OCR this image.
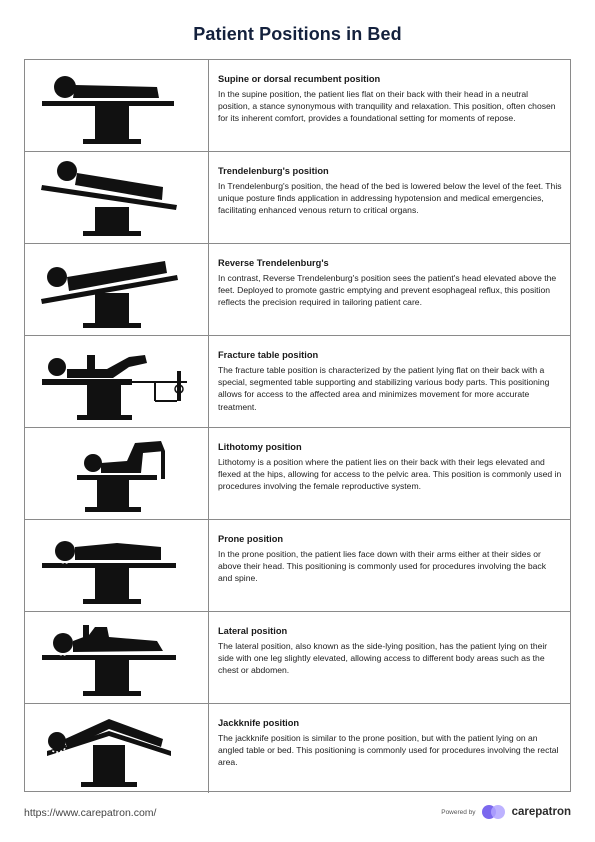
Patient Positions in Bed

Supine or dorsal recumbent position

In the supine position, the patient lies flat on their back with their head in a neutral position, a stance synonymous with tranquility and relaxation. This position, often chosen for its inherent comfort, provides a foundational setting for moments of repose.

Trendelenburg's position

In Trendelenburg's position, the head of the bed is lowered below the level of the feet. This unique posture finds application in addressing hypotension and medical emergencies, facilitating enhanced venous return to critical organs.

Reverse Trendelenburg's

In contrast, Reverse Trendelenburg's position sees the patient's head elevated above the feet. Deployed to promote gastric emptying and prevent esophageal reflux, this position reflects the precision required in tailoring patient care.

Fracture table position

The fracture table position is characterized by the patient lying flat on their back with a special, segmented table supporting and stabilizing various body parts. This positioning allows for access to the affected area and minimizes movement for more accurate treatment.

Lithotomy position

Lithotomy is a position where the patient lies on their back with their legs elevated and flexed at the hips, allowing for access to the pelvic area. This position is commonly used in procedures involving the female reproductive system.

Prone position

In the prone position, the patient lies face down with their arms either at their sides or above their head. This positioning is commonly used for procedures involving the back and spine.

Lateral position

The lateral position, also known as the side-lying position, has the patient lying on their side with one leg slightly elevated, allowing access to different body areas such as the chest or abdomen.

Jackknife position

The jackknife position is similar to the prone position, but with the patient lying on an angled table or bed. This positioning is commonly used for procedures involving the rectal area.

https://www.carepatron.com/	Powered by	carepatron
